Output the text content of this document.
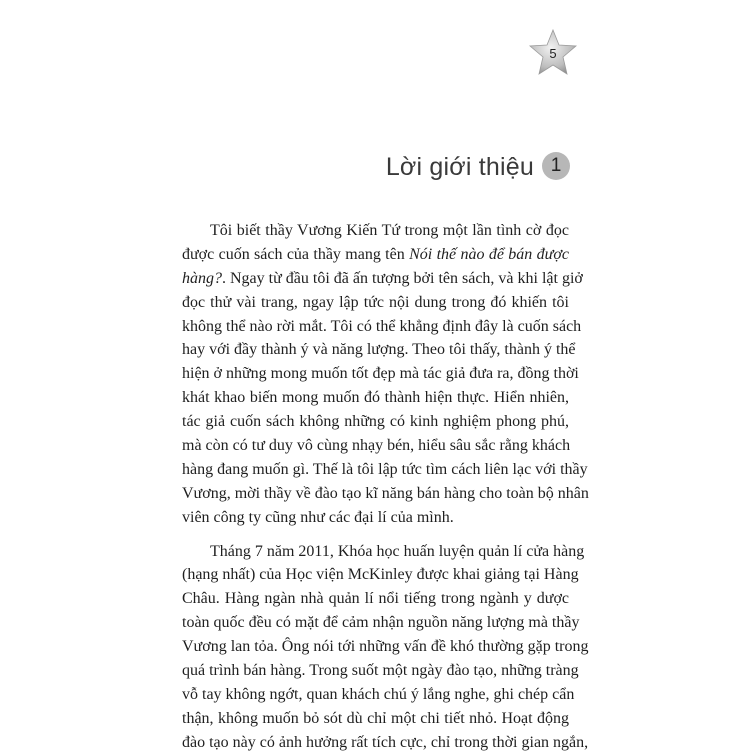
5
Lời giới thiệu 1
Tôi biết thầy Vương Kiến Tứ trong một lần tình cờ đọc
được cuốn sách của thầy mang tên Nói thế nào để bán được
hàng?. Ngay từ đầu tôi đã ấn tượng bởi tên sách, và khi lật giở
đọc thử vài trang, ngay lập tức nội dung trong đó khiến tôi
không thể nào rời mắt. Tôi có thể khẳng định đây là cuốn sách
hay với đầy thành ý và năng lượng. Theo tôi thấy, thành ý thể
hiện ở những mong muốn tốt đẹp mà tác giả đưa ra, đồng thời
khát khao biến mong muốn đó thành hiện thực. Hiển nhiên,
tác giả cuốn sách không những có kinh nghiệm phong phú,
mà còn có tư duy vô cùng nhạy bén, hiểu sâu sắc rằng khách
hàng đang muốn gì. Thế là tôi lập tức tìm cách liên lạc với thầy
Vương, mời thầy về đào tạo kĩ năng bán hàng cho toàn bộ nhân
viên công ty cũng như các đại lí của mình.
Tháng 7 năm 2011, Khóa học huấn luyện quản lí cửa hàng
(hạng nhất) của Học viện McKinley được khai giảng tại Hàng
Châu. Hàng ngàn nhà quản lí nổi tiếng trong ngành y dược
toàn quốc đều có mặt để cảm nhận nguồn năng lượng mà thầy
Vương lan tỏa. Ông nói tới những vấn đề khó thường gặp trong
quá trình bán hàng. Trong suốt một ngày đào tạo, những tràng
vỗ tay không ngớt, quan khách chú ý lắng nghe, ghi chép cẩn
thận, không muốn bỏ sót dù chỉ một chi tiết nhỏ. Hoạt động
đào tạo này có ảnh hưởng rất tích cực, chỉ trong thời gian ngắn,
